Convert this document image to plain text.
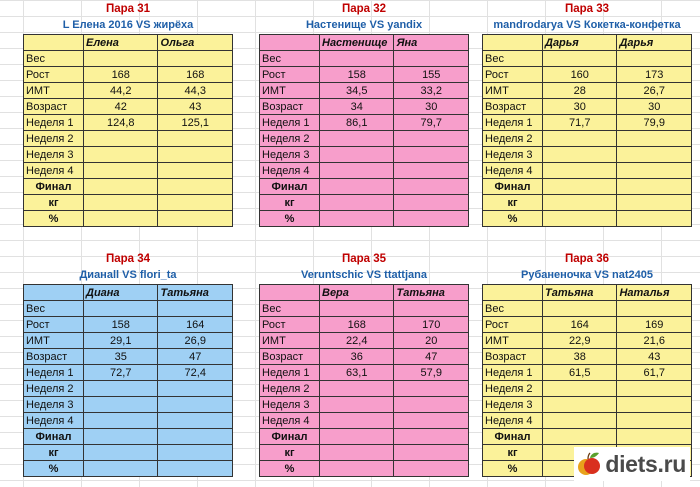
Пара 31
L Елена 2016 VS жирёха
	Елена	Ольга
Вес		
Рост	168	168
ИМТ	44,2	44,3
Возраст	42	43
Неделя 1	124,8	125,1
Неделя 2		
Неделя 3		
Неделя 4		
Финал		
кг		
%		
Пара 32
Настенище VS yandix
	Настенище	Яна
Вес		
Рост	158	155
ИМТ	34,5	33,2
Возраст	34	30
Неделя 1	86,1	79,7
Неделя 2		
Неделя 3		
Неделя 4		
Финал		
кг		
%		
Пара 33
mandrodarya VS Кокетка-конфетка
	Дарья	Дарья
Вес		
Рост	160	173
ИМТ	28	26,7
Возраст	30	30
Неделя 1	71,7	79,9
Неделя 2		
Неделя 3		
Неделя 4		
Финал		
кг		
%		
Пара 34
Дианаll VS flori_ta
	Диана	Татьяна
Вес		
Рост	158	164
ИМТ	29,1	26,9
Возраст	35	47
Неделя 1	72,7	72,4
Неделя 2		
Неделя 3		
Неделя 4		
Финал		
кг		
%		
Пара 35
Veruntschic VS ttattjana
	Вера	Татьяна
Вес		
Рост	168	170
ИМТ	22,4	20
Возраст	36	47
Неделя 1	63,1	57,9
Неделя 2		
Неделя 3		
Неделя 4		
Финал		
кг		
%		
Пара 36
Рубаненочка VS nat2405
	Татьяна	Наталья
Вес		
Рост	164	169
ИМТ	22,9	21,6
Возраст	38	43
Неделя 1	61,5	61,7
Неделя 2		
Неделя 3		
Неделя 4		
Финал		
кг		
%			diets.ru
